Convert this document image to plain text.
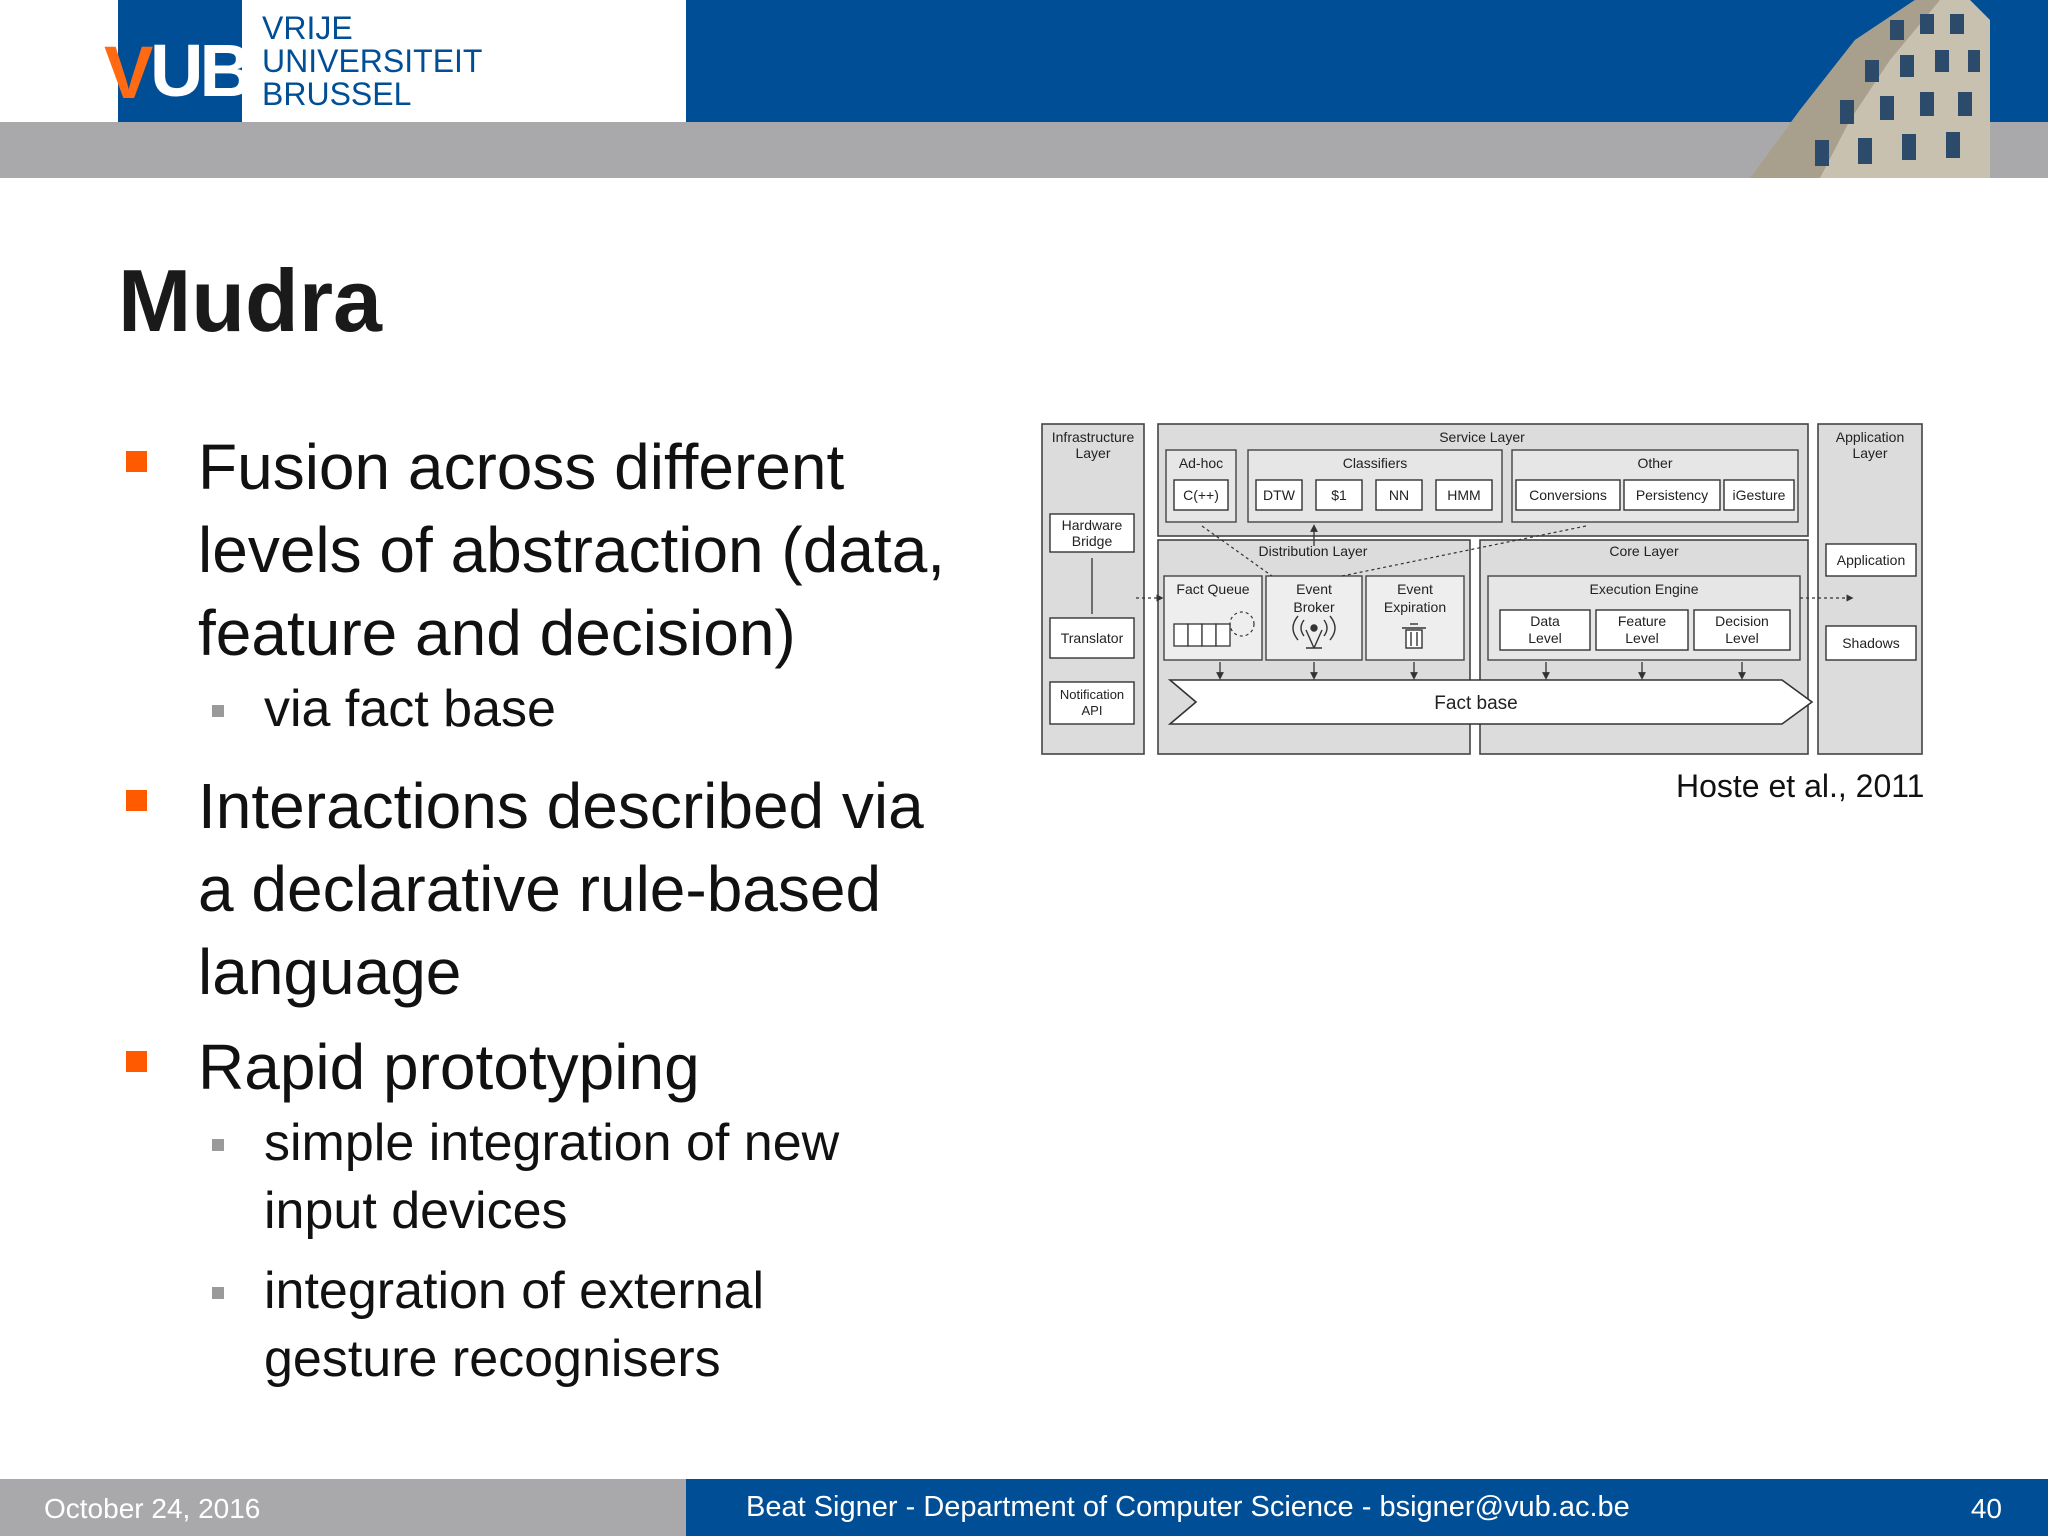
V UB
VRIJE
UNIVERSITEIT
BRUSSEL
Mudra
Fusion across different
levels of abstraction (data,
feature and decision)
via fact base
Interactions described via
a declarative rule-based
language
Rapid prototyping
simple integration of new
input devices
integration of external
gesture recognisers
Infrastructure
Layer
Hardware
Bridge
Translator
Notification
API
Service Layer
Ad-hoc
C(++)
Classifiers
DTW	$1	NN	HMM
Other
Conversions Persistency iGesture
Distribution Layer
Fact Queue	Event
Broker
Event
Expiration
Core Layer
Execution Engine
Data
Level
Feature
Level
Decision
Level
Application
Layer
Application
Shadows
Fact base
Hoste et al., 2011
October 24, 2016	Beat Signer - Department of Computer Science - bsigner@vub.ac.be	40
